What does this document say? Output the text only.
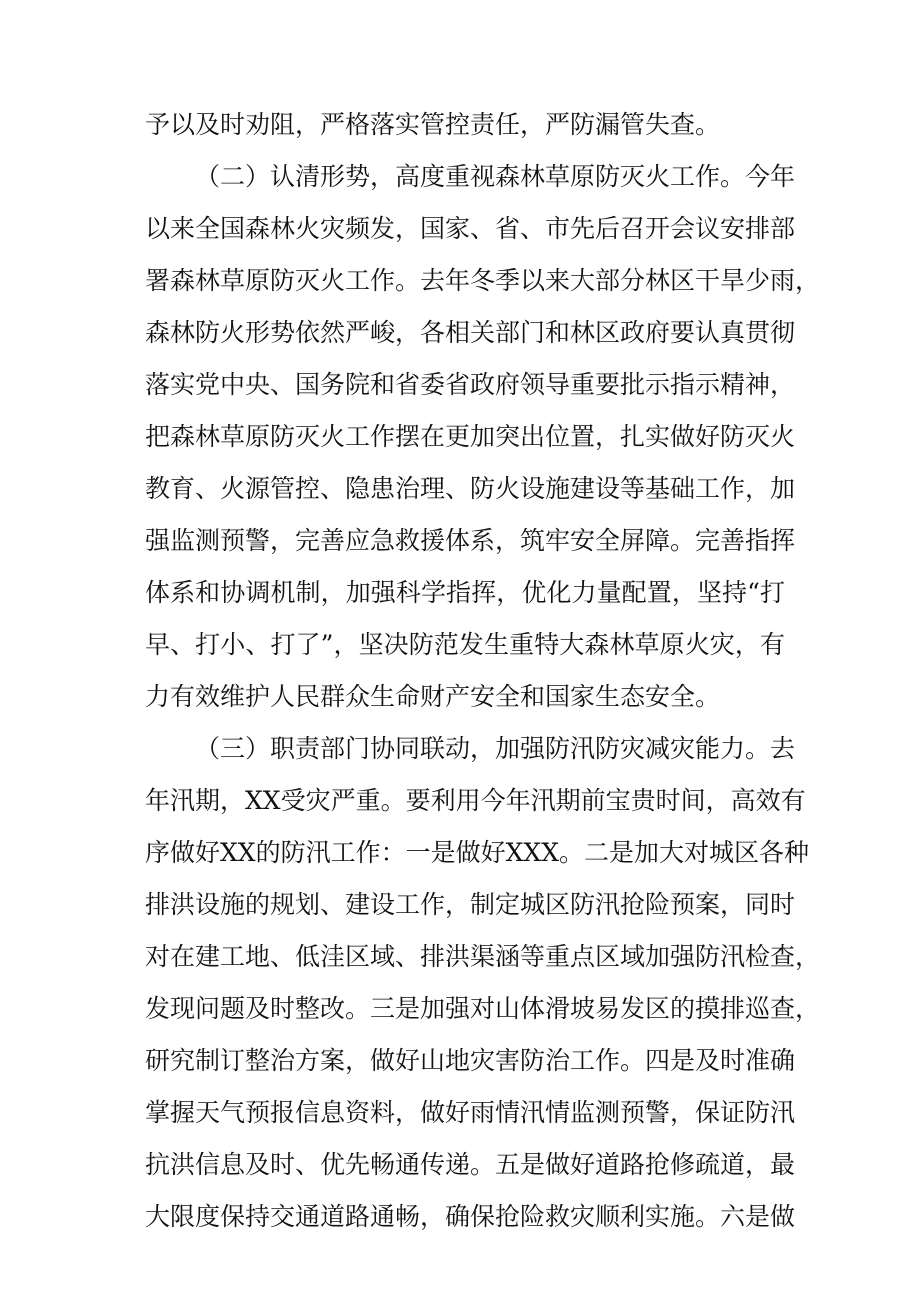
予以及时劝阻，严格落实管控责任，严防漏管失查。
（二）认清形势，高度重视森林草原防灭火工作。今年
以来全国森林火灾频发，国家、省、市先后召开会议安排部
署森林草原防灭火工作。去年冬季以来大部分林区干旱少雨，
森林防火形势依然严峻，各相关部门和林区政府要认真贯彻
落实党中央、国务院和省委省政府领导重要批示指示精神，
把森林草原防灭火工作摆在更加突出位置，扎实做好防灭火
教育、火源管控、隐患治理、防火设施建设等基础工作，加
强监测预警，完善应急救援体系，筑牢安全屏障。完善指挥
体系和协调机制，加强科学指挥，优化力量配置，坚持“打
早、打小、打了”，坚决防范发生重特大森林草原火灾，有
力有效维护人民群众生命财产安全和国家生态安全。
（三）职责部门协同联动，加强防汛防灾减灾能力。去
年汛期，XX受灾严重。要利用今年汛期前宝贵时间，高效有
序做好XX的防汛工作：一是做好XXX。二是加大对城区各种
排洪设施的规划、建设工作，制定城区防汛抢险预案，同时
对在建工地、低洼区域、排洪渠涵等重点区域加强防汛检查，
发现问题及时整改。三是加强对山体滑坡易发区的摸排巡查，
研究制订整治方案，做好山地灾害防治工作。四是及时准确
掌握天气预报信息资料，做好雨情汛情监测预警，保证防汛
抗洪信息及时、优先畅通传递。五是做好道路抢修疏道，最
大限度保持交通道路通畅，确保抢险救灾顺利实施。六是做
